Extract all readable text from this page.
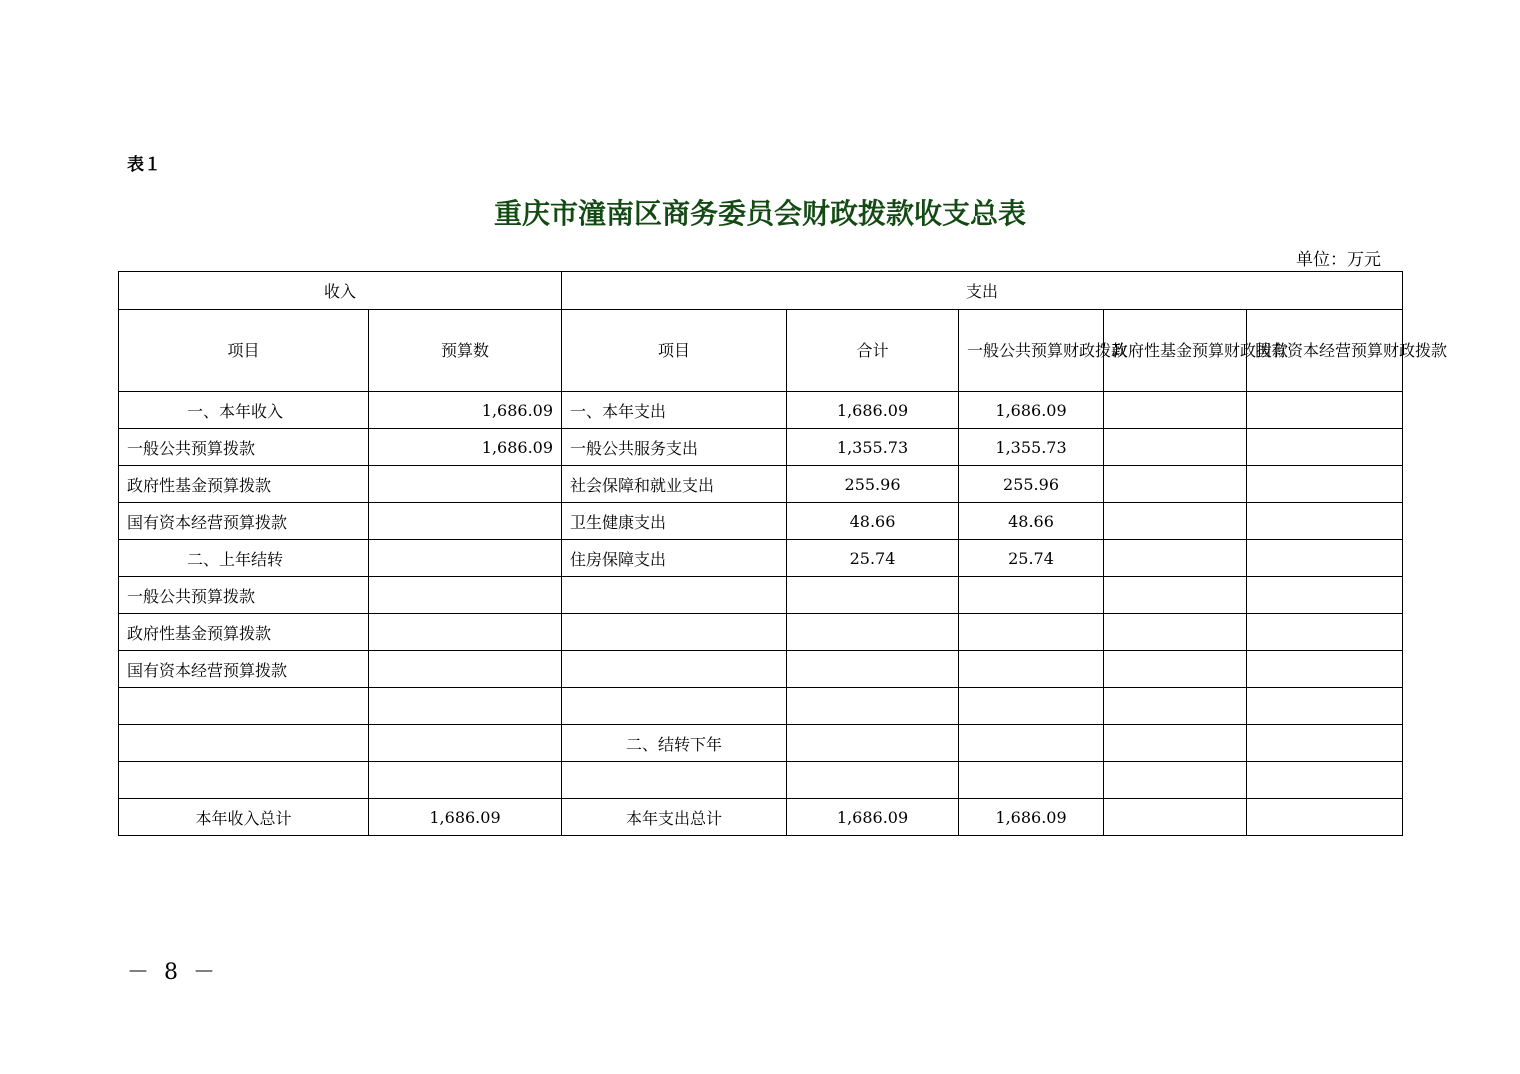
表１
重庆市潼南区商务委员会财政拨款收支总表
单位：万元
收入		支出				
项目	预算数	项目	合计	一般公共预算财政拨款	政府性基金预算财政拨款	国有资本经营预算财政拨款
一、本年收入	1,686.09	一、本年支出	1,686.09	1,686.09		
一般公共预算拨款	1,686.09	一般公共服务支出	1,355.73	1,355.73		
政府性基金预算拨款		社会保障和就业支出	255.96	255.96		
国有资本经营预算拨款		卫生健康支出	48.66	48.66		
二、上年结转		住房保障支出	25.74	25.74		
一般公共预算拨款						
政府性基金预算拨款						
国有资本经营预算拨款						

		二、结转下年				

本年收入总计	1,686.09	本年支出总计	1,686.09	1,686.09		
－ 8 －
